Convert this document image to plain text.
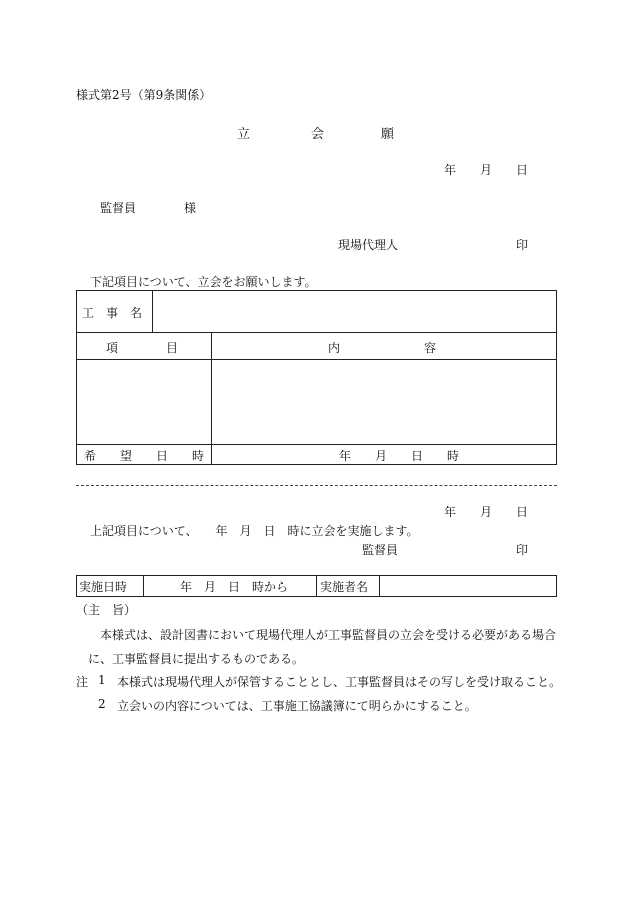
様式第2号（第9条関係）
立	会	願
年 月 日
監督員	様
現場代理人	印
下記項目について、立会をお願いします。
工　事　名
項　　　　目	内　　　　　　　容
希　　望　　日　　時	年　　月　　日　　時
年 月 日
上記項目について、　　年　月　日　時に立会を実施します。
監督員	印
実施日時	年　月　日　時から	実施者名
（主　旨）
本様式は、設計図書において現場代理人が工事監督員の立会を受ける必要がある場合
に、工事監督員に提出するものである。
注 1 本様式は現場代理人が保管することとし、工事監督員はその写しを受け取ること。
2 立会いの内容については、工事施工協議簿にて明らかにすること。
